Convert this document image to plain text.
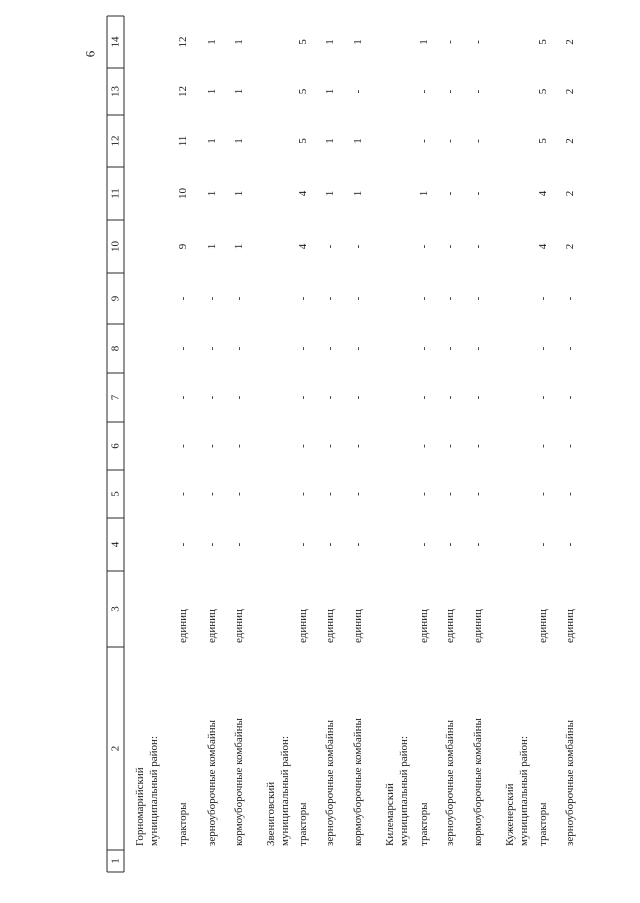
6
1
2
3
4
5
6
7
8
9
10
11
12
13
14
Горномарийский муниципальный район: тракторы
единиц
-
-
-
-
-
-
9
10
11
12
12
зерноуборочные комбайны
единиц
-
-
-
-
-
-
1
1
1
1
1
кормоуборочные комбайны
единиц
-
-
-
-
-
-
1
1
1
1
1
Звениговский муниципальный район: тракторы
единиц
-
-
-
-
-
-
4
4
5
5
5
зерноуборочные комбайны
единиц
-
-
-
-
-
-
-
1
1
1
1
кормоуборочные комбайны
единиц
-
-
-
-
-
-
-
1
1
-
1
Килемарский муниципальный район: тракторы
единиц
-
-
-
-
-
-
-
1
-
-
1
зерноуборочные комбайны
единиц
-
-
-
-
-
-
-
-
-
-
-
кормоуборочные комбайны
единиц
-
-
-
-
-
-
-
-
-
-
-
Куженерский муниципальный район: тракторы
единиц
-
-
-
-
-
-
4
4
5
5
5
зерноуборочные комбайны
единиц
-
-
-
-
-
-
2
2
2
2
2
